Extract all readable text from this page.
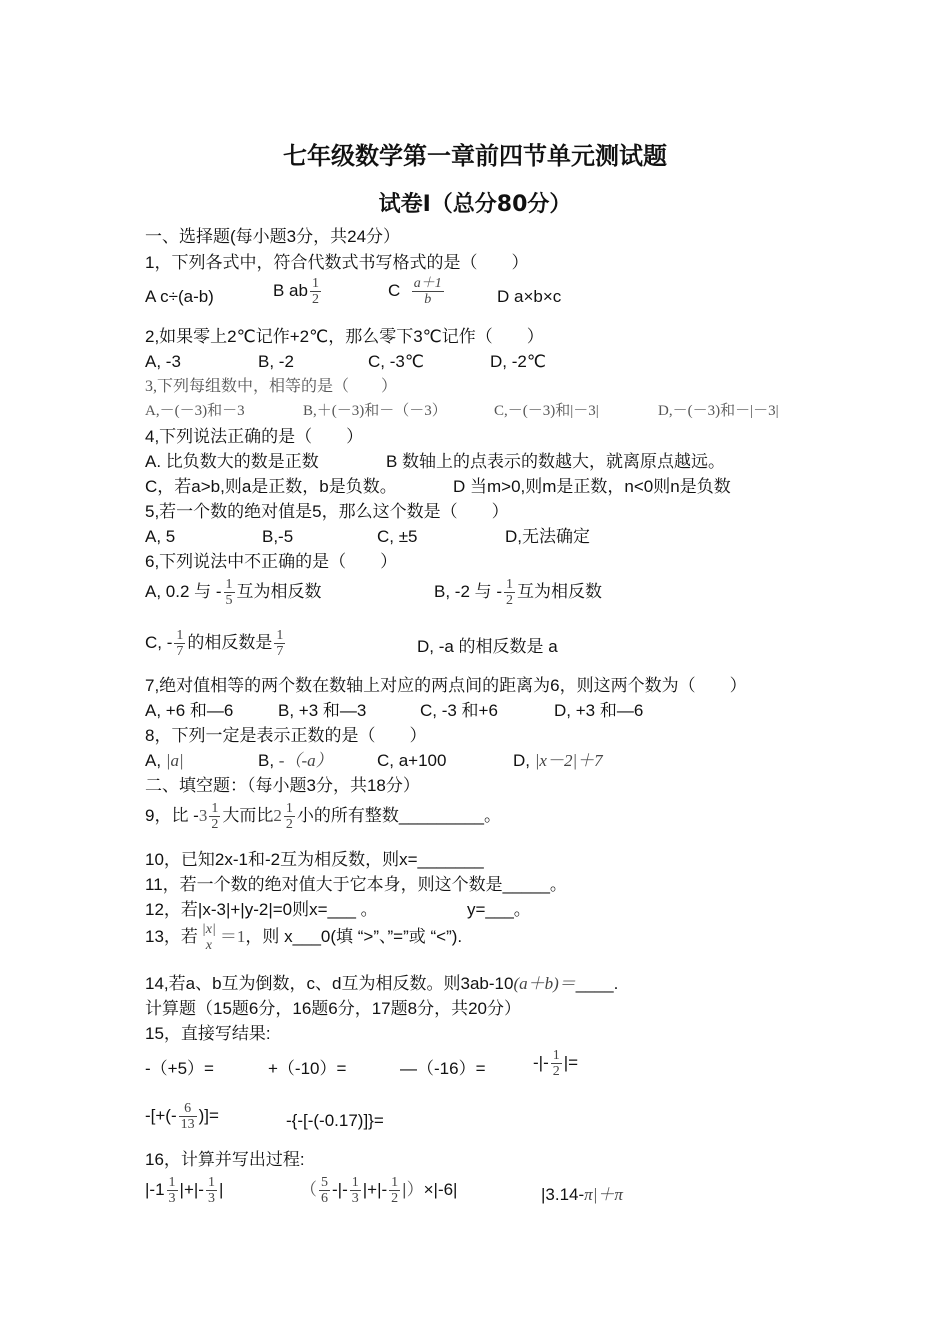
七年级数学第一章前四节单元测试题
试卷I（总分80分）
一、选择题(每小题3分，共24分）
1，下列各式中，符合代数式书写格式的是（　　）
A c÷(a-b)	B ab $\frac{1}{2}$	C $\frac{a+1}{b}$	D a×b×c
2,如果零上2℃记作+2℃，那么零下3℃记作（　　）
A, -3	B, -2	C, -3℃	D, -2℃
3,下列每组数中，相等的是（　　）
A,－(－3)和－3	B,＋(－3)和－（－3）	C,－(－3)和|－3|	D,－(－3)和－|－3|
4,下列说法正确的是（　　）
A. 比负数大的数是正数	B 数轴上的点表示的数越大，就离原点越远。
C，若a>b,则a是正数，b是负数。	D 当m>0,则m是正数，n<0则n是负数
5,若一个数的绝对值是5，那么这个数是（　　）
A, 5	B,-5	C, ±5	D,无法确定
6,下列说法中不正确的是（　　）
A, 0.2 与 - $\frac{1}{5}$ 互为相反数	B, -2 与 - $\frac{1}{2}$ 互为相反数
C, - $\frac{1}{7}$ 的相反数是 $\frac{1}{7}$	D, -a 的相反数是 a
7,绝对值相等的两个数在数轴上对应的两点间的距离为6，则这两个数为（　　）
A, +6 和—6	B, +3 和—3	C, -3 和+6	D, +3 和—6
8，下列一定是表示正数的是（　　）
A, |a|	B, -（-a）	C, a+100	D, |x－2|＋7
二、填空题：（每小题3分，共18分）
9，比 $-3 \frac{1}{2}$ 大而比$2 \frac{1}{2}$ 小的所有整数_________。
10，已知2x-1和-2互为相反数，则x=_______
11，若一个数的绝对值大于它本身，则这个数是_____。
12，若|x-3|+|y-2|=0则x=___ 。	y=___。
13，若 |x|
x ＝1，则 x___0(填 “>”、”=”或 “<”).
14,若a、b互为倒数，c、d互为相反数。则3ab-10(a＋b)＝____.
计算题（15题6分，16题6分，17题8分，共20分）
15，直接写结果:
-（+5）=	+（-10）=	—（-16）=	-|- $\frac{1}{2}$ |=
-[+(- $\frac{6}{13}$ )]=	-{-[-(-0.17)]}=
16，计算并写出过程:
$|-1 \frac{1}{3}$ |+|- $\frac{1}{3}$ |	（ $\frac{5}{6}$ -|- $\frac{1}{3}$ |+|- $\frac{1}{2} |)\times|-6|$	|3.14-π|＋π
